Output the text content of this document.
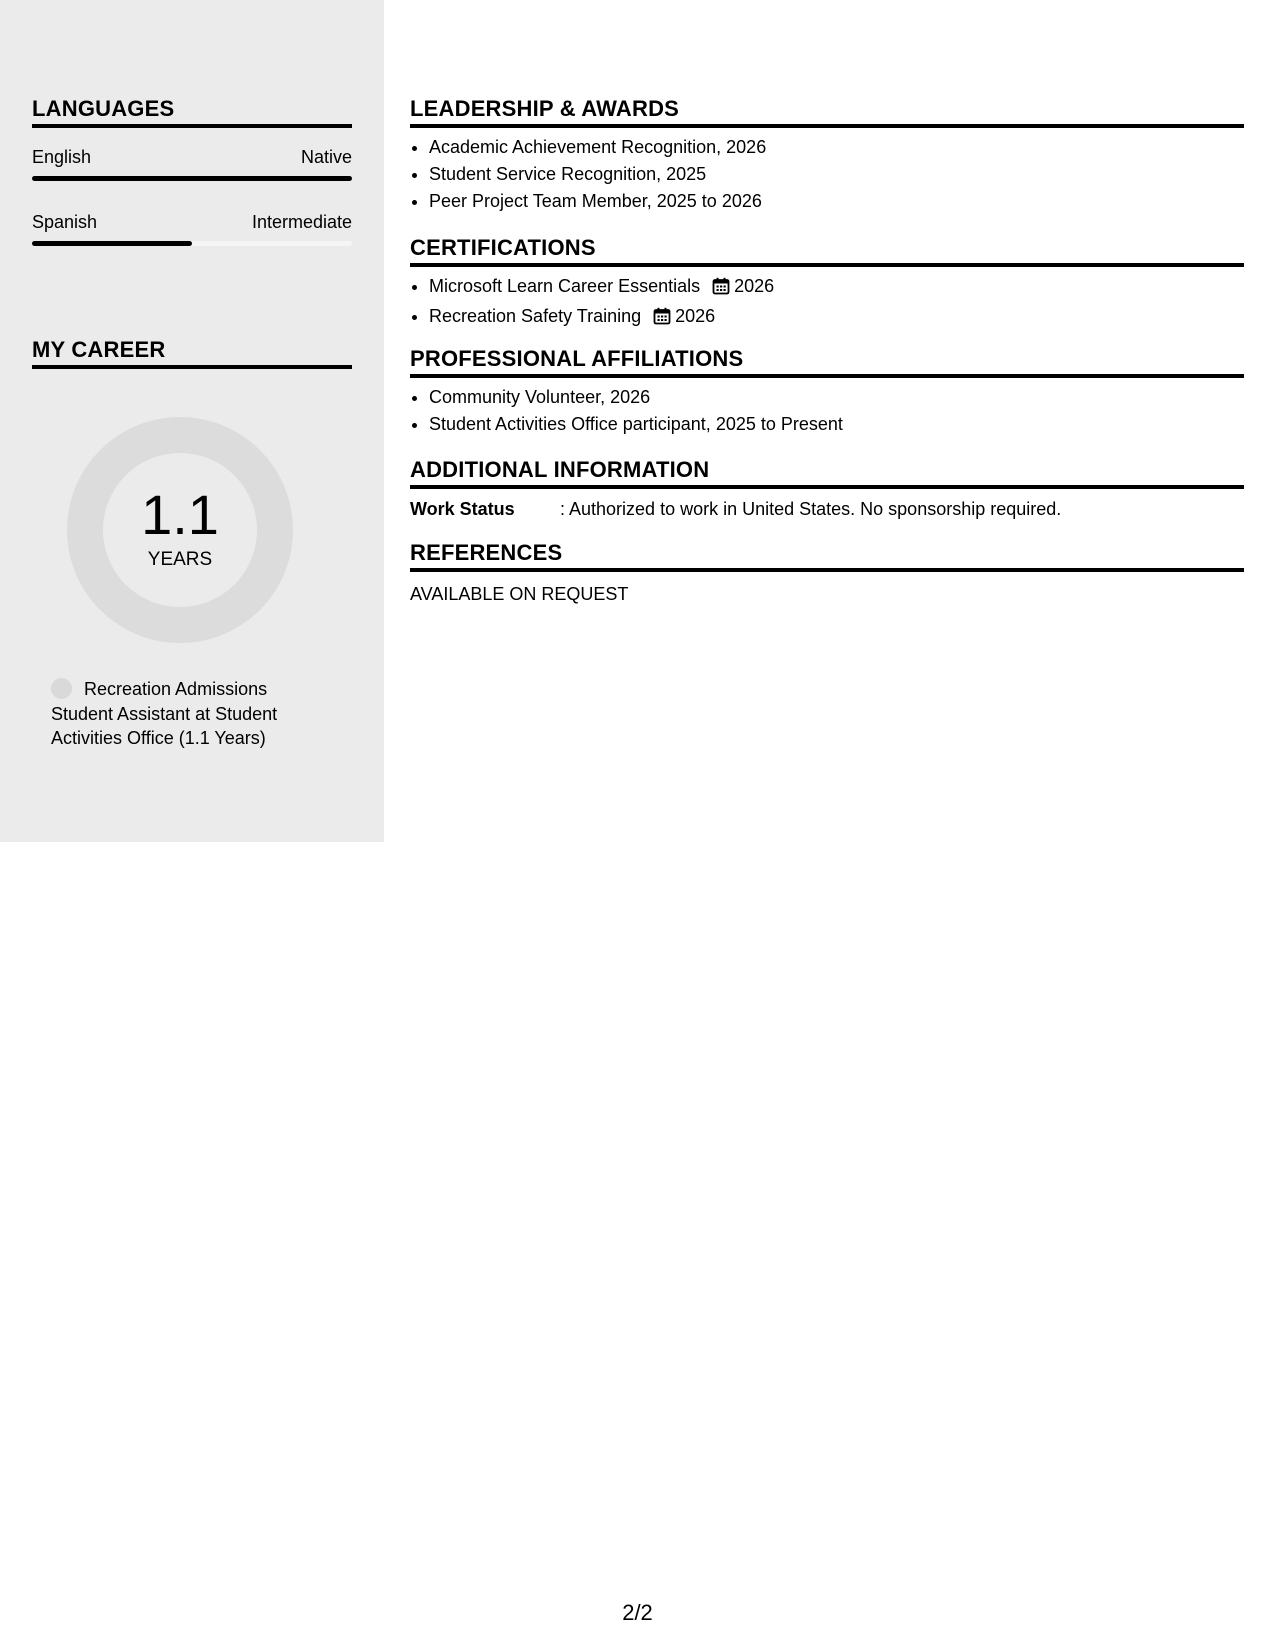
LANGUAGES
English	Native
Spanish	Intermediate
MY CAREER
1.1
YEARS
Recreation Admissions Student Assistant at Student Activities Office (1.1 Years)
LEADERSHIP & AWARDS
• Academic Achievement Recognition, 2026
• Student Service Recognition, 2025
• Peer Project Team Member, 2025 to 2026
CERTIFICATIONS
• Microsoft Learn Career Essentials 2026
• Recreation Safety Training 2026
PROFESSIONAL AFFILIATIONS
• Community Volunteer, 2026
• Student Activities Office participant, 2025 to Present
ADDITIONAL INFORMATION
Work Status	: Authorized to work in United States. No sponsorship required.
REFERENCES
AVAILABLE ON REQUEST
2/2
